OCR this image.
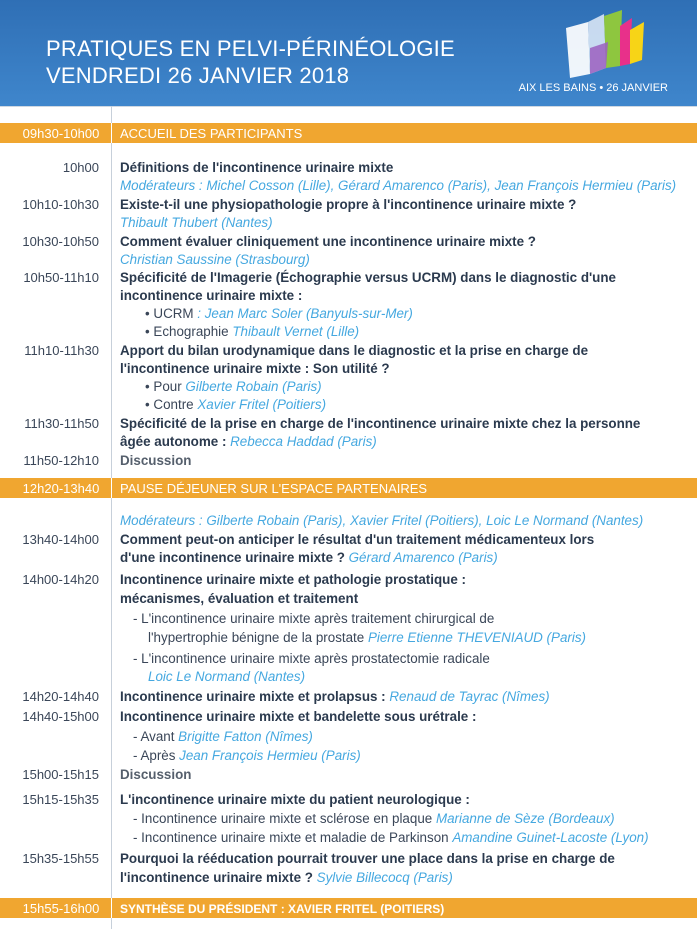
PRATIQUES EN PELVI-PÉRINÉOLOGIE
VENDREDI 26 JANVIER 2018	AIX LES BAINS • 26 JANVIER
09h30-10h00	ACCUEIL DES PARTICIPANTS
10h00 Définitions de l'incontinence urinaire mixte
Modérateurs : Michel Cosson (Lille), Gérard Amarenco (Paris), Jean François Hermieu (Paris)
10h10-10h30 Existe-t-il une physiopathologie propre à l'incontinence urinaire mixte ?
Thibault Thubert (Nantes)
10h30-10h50 Comment évaluer cliniquement une incontinence urinaire mixte ?
Christian Saussine (Strasbourg)
10h50-11h10 Spécificité de l'Imagerie (Échographie versus UCRM) dans le diagnostic d'une
incontinence urinaire mixte :
• UCRM : Jean Marc Soler (Banyuls-sur-Mer)
• Echographie Thibault Vernet (Lille)
11h10-11h30 Apport du bilan urodynamique dans le diagnostic et la prise en charge de
l'incontinence urinaire mixte : Son utilité ?
• Pour Gilberte Robain (Paris)
• Contre Xavier Fritel (Poitiers)
11h30-11h50 Spécificité de la prise en charge de l'incontinence urinaire mixte chez la personne
âgée autonome : Rebecca Haddad (Paris)
11h50-12h10 Discussion
12h20-13h40	PAUSE DÉJEUNER SUR L'ESPACE PARTENAIRES
Modérateurs : Gilberte Robain (Paris), Xavier Fritel (Poitiers), Loic Le Normand (Nantes)
13h40-14h00 Comment peut-on anticiper le résultat d'un traitement médicamenteux lors
d'une incontinence urinaire mixte ? Gérard Amarenco (Paris)
14h00-14h20 Incontinence urinaire mixte et pathologie prostatique :
mécanismes, évaluation et traitement
- L'incontinence urinaire mixte après traitement chirurgical de
l'hypertrophie bénigne de la prostate Pierre Etienne THEVENIAUD (Paris)
- L'incontinence urinaire mixte après prostatectomie radicale
Loic Le Normand (Nantes)
14h20-14h40 Incontinence urinaire mixte et prolapsus : Renaud de Tayrac (Nîmes)
14h40-15h00 Incontinence urinaire mixte et bandelette sous urétrale :
- Avant Brigitte Fatton (Nîmes)
- Après Jean François Hermieu (Paris)
15h00-15h15 Discussion
15h15-15h35 L'incontinence urinaire mixte du patient neurologique :
- Incontinence urinaire mixte et sclérose en plaque Marianne de Sèze (Bordeaux)
- Incontinence urinaire mixte et maladie de Parkinson Amandine Guinet-Lacoste (Lyon)
15h35-15h55 Pourquoi la rééducation pourrait trouver une place dans la prise en charge de
l'incontinence urinaire mixte ? Sylvie Billecocq (Paris)
15h55-16h00	SYNTHÈSE DU PRÉSIDENT : XAVIER FRITEL (POITIERS)
